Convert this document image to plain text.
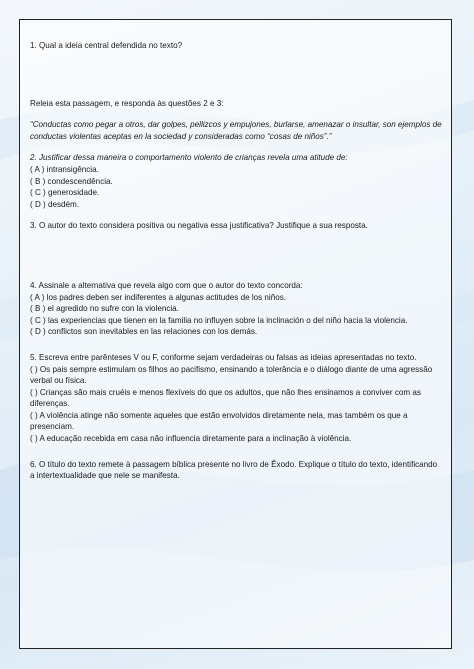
1. Qual a ideia central defendida no texto?

Releia esta passagem, e responda às questões 2 e 3:

“Conductas como pegar a otros, dar golpes, pellizcos y empujones, burlarse, amenazar o insultar, son ejemplos de conductas violentas aceptas en la sociedad y consideradas como “cosas de niños”.”

2. Justificar dessa maneira o comportamento violento de crianças revela uma atitude de:

( A ) intransigência.

( B ) condescendência.

( C ) generosidade.

( D ) desdém.

3. O autor do texto considera positiva ou negativa essa justificativa? Justifique a sua resposta.

4. Assinale a alternativa que revela algo com que o autor do texto concorda:

( A ) los padres deben ser indiferentes a algunas actitudes de los niños.

( B ) el agredido no sufre con la violencia.

( C ) las experiencias que tienen en la familia no influyen sobre la inclinación o del niño hacia la violencia.

( D ) conflictos son inevitables en las relaciones con los demás.

5. Escreva entre parênteses V ou F, conforme sejam verdadeiras ou falsas as ideias apresentadas no texto.

( ) Os pais sempre estimulam os filhos ao pacifismo, ensinando a tolerância e o diálogo diante de uma agressão verbal ou física.

( ) Crianças são mais cruéis e menos flexíveis do que os adultos, que não lhes ensinamos a conviver com as diferenças.

( ) A violência atinge não somente aqueles que estão envolvidos diretamente nela, mas também os que a presenciam.

( ) A educação recebida em casa não influencia diretamente para a inclinação à violência.

6. O título do texto remete à passagem bíblica presente no livro de Êxodo. Explique o título do texto, identificando a intertextualidade que nele se manifesta.
